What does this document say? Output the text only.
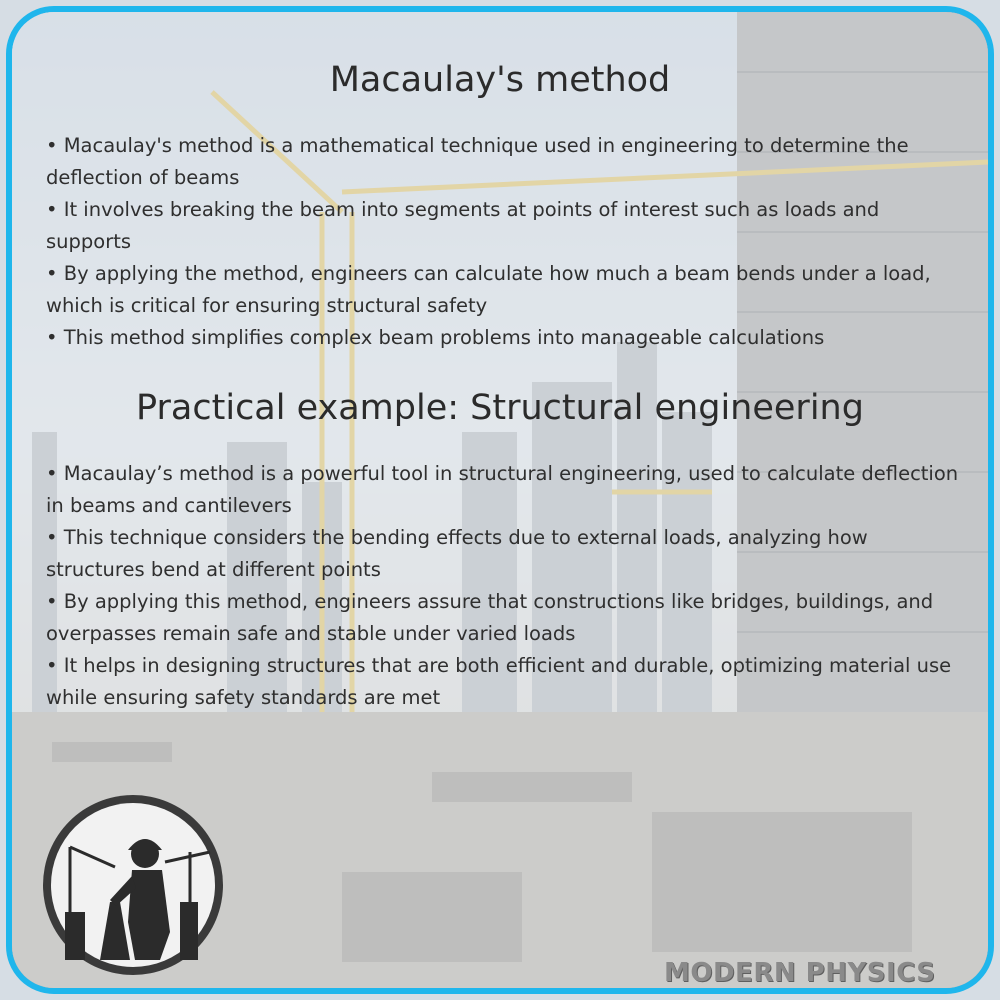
Macaulay's method
• Macaulay's method is a mathematical technique used in engineering to determine the deflection of beams
• It involves breaking the beam into segments at points of interest such as loads and supports
• By applying the method, engineers can calculate how much a beam bends under a load, which is critical for ensuring structural safety
• This method simplifies complex beam problems into manageable calculations
Practical example: Structural engineering
• Macaulay’s method is a powerful tool in structural engineering, used to calculate deflection in beams and cantilevers
• This technique considers the bending effects due to external loads, analyzing how structures bend at different points
• By applying this method, engineers assure that constructions like bridges, buildings, and overpasses remain safe and stable under varied loads
• It helps in designing structures that are both efficient and durable, optimizing material use while ensuring safety standards are met
MODERN PHYSICS
